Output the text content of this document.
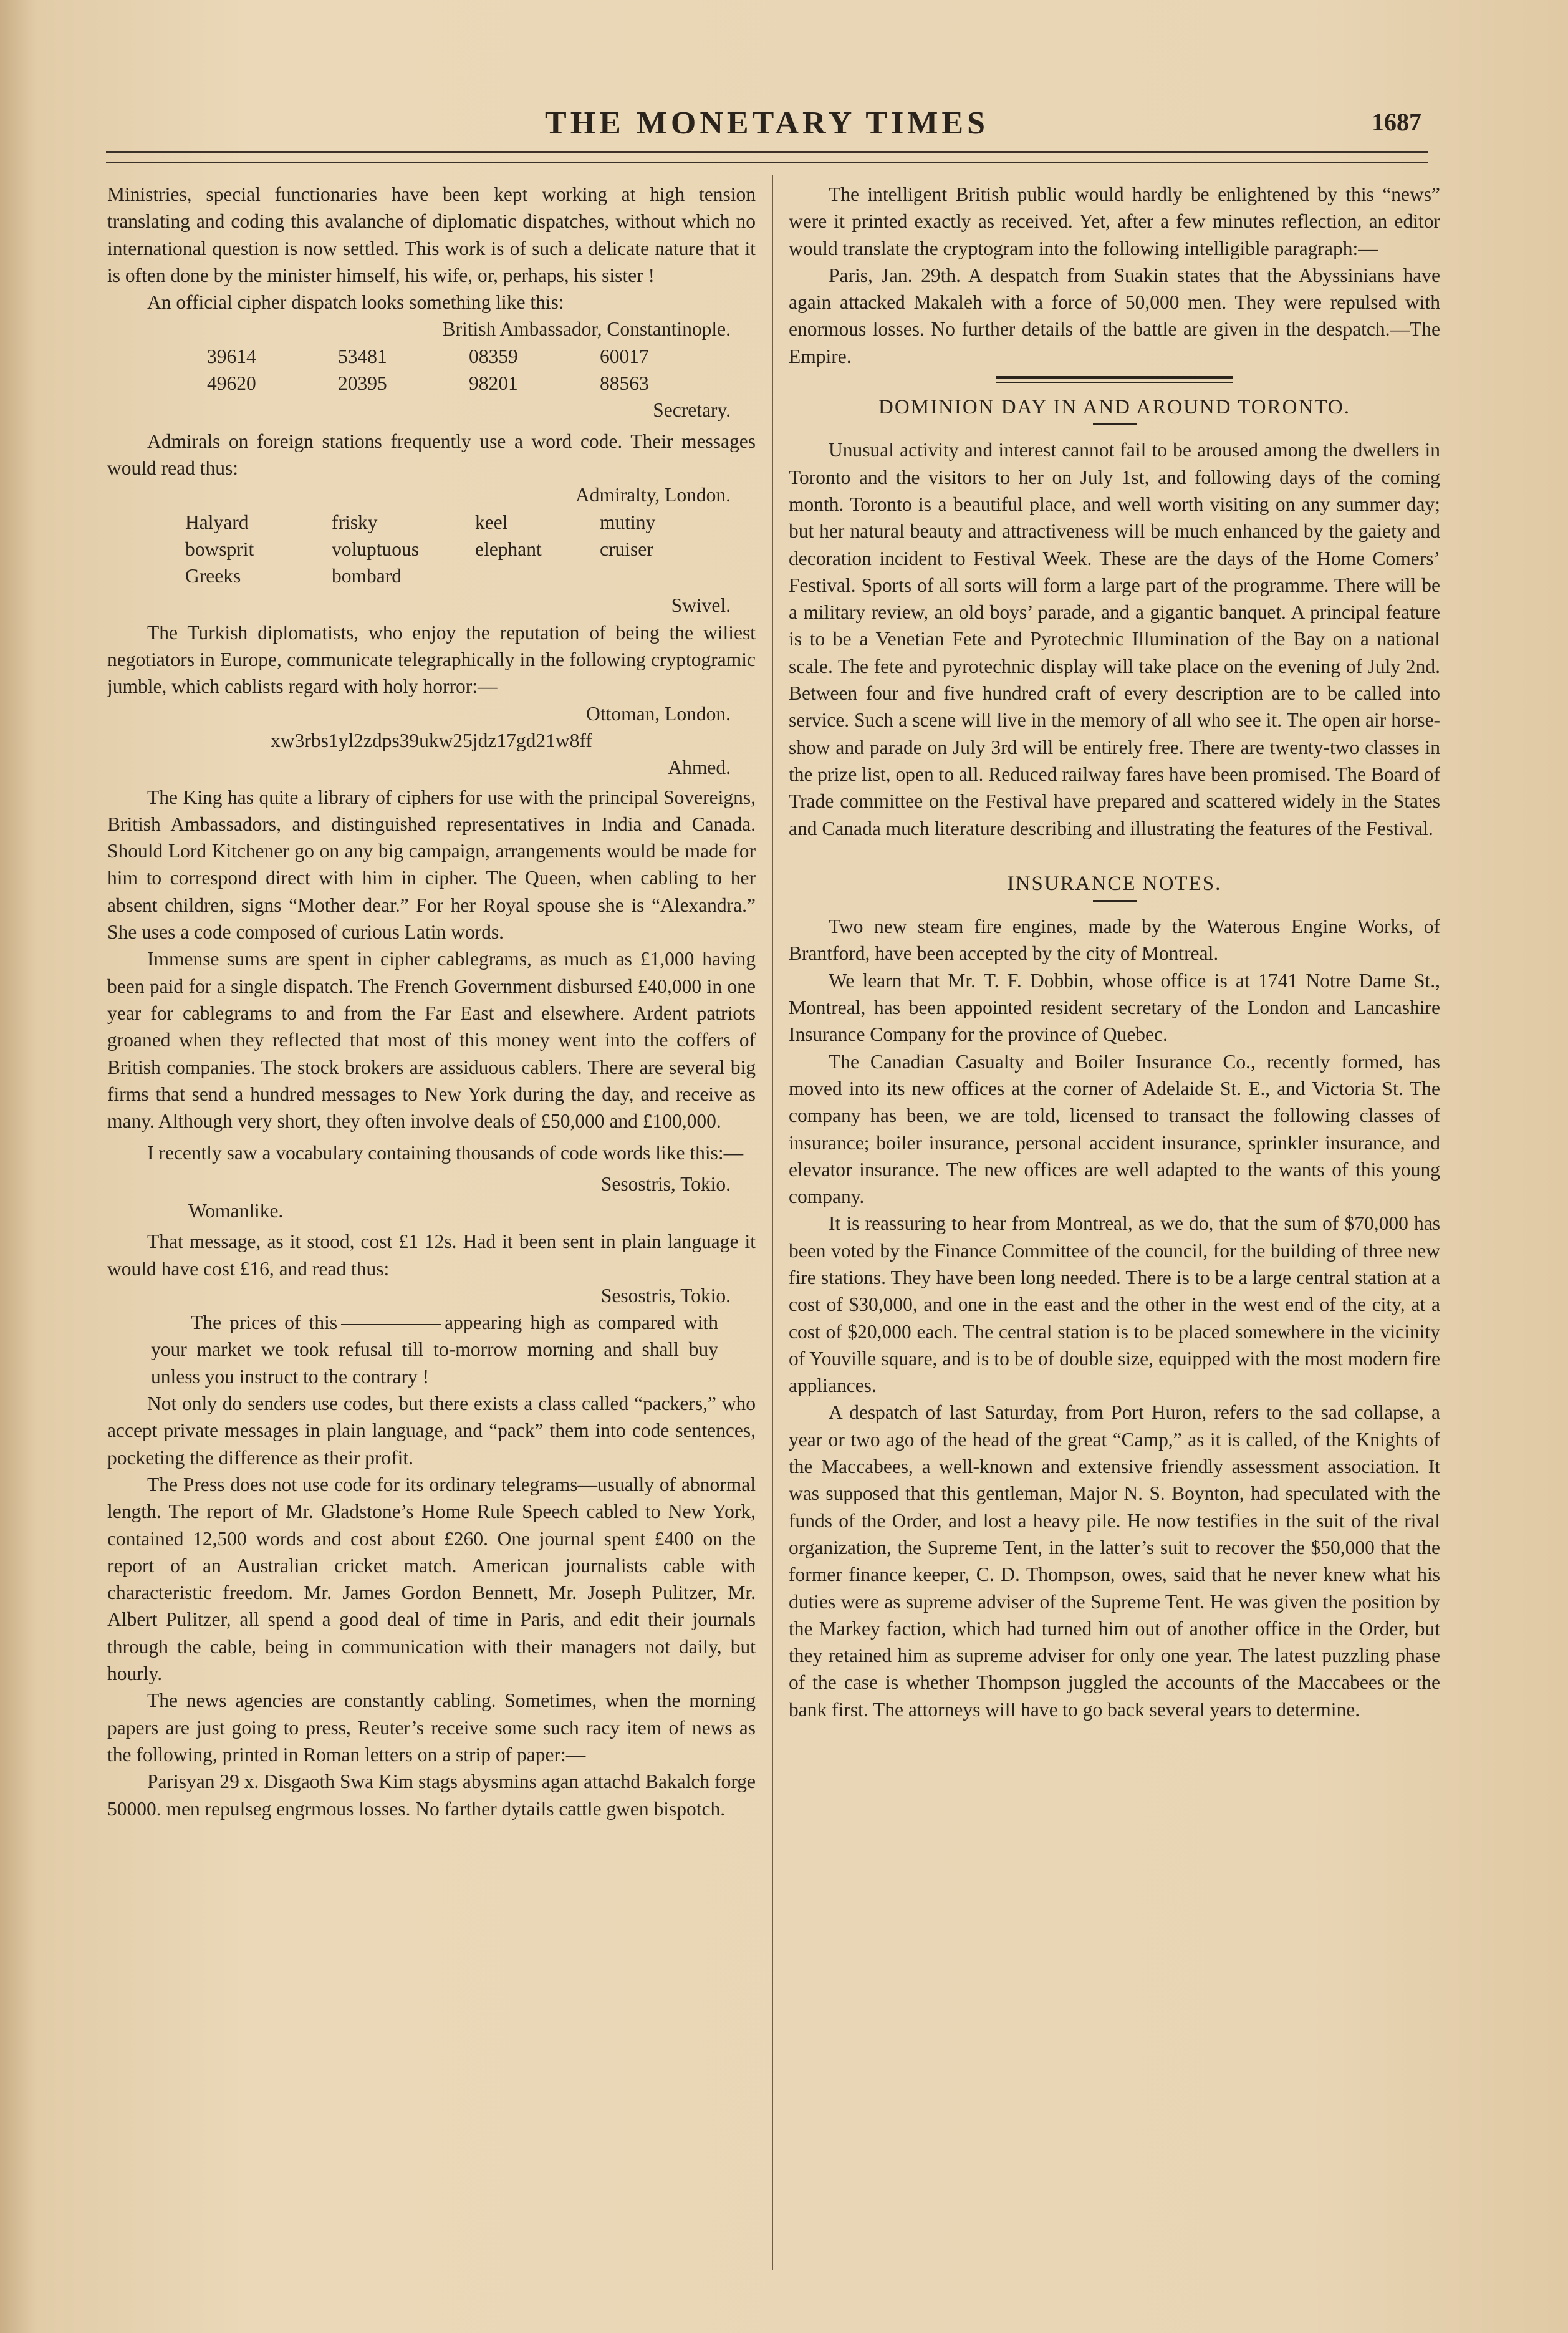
THE MONETARY TIMES	1687

Ministries, special functionaries have been kept working at high tension translating and coding this avalanche of diplomatic dispatches, without which no international question is now settled. This work is of such a delicate nature that it is often done by the minister himself, his wife, or, perhaps, his sister !

An official cipher dispatch looks something like this:

British Ambassador, Constantinople.

39614	53481	08359	60017
49620	20395	98201	88563

Secretary.

Admirals on foreign stations frequently use a word code. Their messages would read thus:

Admiralty, London.

Halyard	frisky	keel	mutiny
bowsprit	voluptuous	elephant	cruiser
Greeks	bombard		

Swivel.

The Turkish diplomatists, who enjoy the reputation of being the wiliest negotiators in Europe, communicate telegraphically in the following cryptogramic jumble, which cablists regard with holy horror:—

Ottoman, London.

xw3rbs1yl2zdps39ukw25jdz17gd21w8ff

Ahmed.

The King has quite a library of ciphers for use with the principal Sovereigns, British Ambassadors, and distinguished representatives in India and Canada. Should Lord Kitchener go on any big campaign, arrangements would be made for him to correspond direct with him in cipher. The Queen, when cabling to her absent children, signs “Mother dear.” For her Royal spouse she is “Alexandra.” She uses a code composed of curious Latin words.

Immense sums are spent in cipher cablegrams, as much as £1,000 having been paid for a single dispatch. The French Government disbursed £40,000 in one year for cablegrams to and from the Far East and elsewhere. Ardent patriots groaned when they reflected that most of this money went into the coffers of British companies. The stock brokers are assiduous cablers. There are several big firms that send a hundred messages to New York during the day, and receive as many. Although very short, they often involve deals of £50,000 and £100,000.

I recently saw a vocabulary containing thousands of code words like this:—

Sesostris, Tokio.

Womanlike.

That message, as it stood, cost £1 12s. Had it been sent in plain language it would have cost £16, and read thus:

Sesostris, Tokio.

The prices of this	appearing high as compared with your market we took refusal till to-morrow morning and shall buy unless you instruct to the contrary !

Not only do senders use codes, but there exists a class called “packers,” who accept private messages in plain language, and “pack” them into code sentences, pocketing the difference as their profit.

The Press does not use code for its ordinary telegrams—usually of abnormal length. The report of Mr. Gladstone’s Home Rule Speech cabled to New York, contained 12,500 words and cost about £260. One journal spent £400 on the report of an Australian cricket match. American journalists cable with characteristic freedom. Mr. James Gordon Bennett, Mr. Joseph Pulitzer, Mr. Albert Pulitzer, all spend a good deal of time in Paris, and edit their journals through the cable, being in communication with their managers not daily, but hourly.

The news agencies are constantly cabling. Sometimes, when the morning papers are just going to press, Reuter’s receive some such racy item of news as the following, printed in Roman letters on a strip of paper:—

Parisyan 29 x. Disgaoth Swa Kim stags abysmins agan attachd Bakalch forge 50000. men repulseg engrmous losses. No farther dytails cattle gwen bispotch.

The intelligent British public would hardly be enlightened by this “news” were it printed exactly as received. Yet, after a few minutes reflection, an editor would translate the cryptogram into the following intelligible paragraph:—

Paris, Jan. 29th. A despatch from Suakin states that the Abyssinians have again attacked Makaleh with a force of 50,000 men. They were repulsed with enormous losses. No further details of the battle are given in the despatch.—The Empire.

DOMINION DAY IN AND AROUND TORONTO.

Unusual activity and interest cannot fail to be aroused among the dwellers in Toronto and the visitors to her on July 1st, and following days of the coming month. Toronto is a beautiful place, and well worth visiting on any summer day; but her natural beauty and attractiveness will be much enhanced by the gaiety and decoration incident to Festival Week. These are the days of the Home Comers’ Festival. Sports of all sorts will form a large part of the programme. There will be a military review, an old boys’ parade, and a gigantic banquet. A principal feature is to be a Venetian Fete and Pyrotechnic Illumination of the Bay on a national scale. The fete and pyrotechnic display will take place on the evening of July 2nd. Between four and five hundred craft of every description are to be called into service. Such a scene will live in the memory of all who see it. The open air horse-show and parade on July 3rd will be entirely free. There are twenty-two classes in the prize list, open to all. Reduced railway fares have been promised. The Board of Trade committee on the Festival have prepared and scattered widely in the States and Canada much literature describing and illustrating the features of the Festival.

INSURANCE NOTES.

Two new steam fire engines, made by the Waterous Engine Works, of Brantford, have been accepted by the city of Montreal.

We learn that Mr. T. F. Dobbin, whose office is at 1741 Notre Dame St., Montreal, has been appointed resident secretary of the London and Lancashire Insurance Company for the province of Quebec.

The Canadian Casualty and Boiler Insurance Co., recently formed, has moved into its new offices at the corner of Adelaide St. E., and Victoria St. The company has been, we are told, licensed to transact the following classes of insurance; boiler insurance, personal accident insurance, sprinkler insurance, and elevator insurance. The new offices are well adapted to the wants of this young company.

It is reassuring to hear from Montreal, as we do, that the sum of $70,000 has been voted by the Finance Committee of the council, for the building of three new fire stations. They have been long needed. There is to be a large central station at a cost of $30,000, and one in the east and the other in the west end of the city, at a cost of $20,000 each. The central station is to be placed somewhere in the vicinity of Youville square, and is to be of double size, equipped with the most modern fire appliances.

A despatch of last Saturday, from Port Huron, refers to the sad collapse, a year or two ago of the head of the great “Camp,” as it is called, of the Knights of the Maccabees, a well-known and extensive friendly assessment association. It was supposed that this gentleman, Major N. S. Boynton, had speculated with the funds of the Order, and lost a heavy pile. He now testifies in the suit of the rival organization, the Supreme Tent, in the latter’s suit to recover the $50,000 that the former finance keeper, C. D. Thompson, owes, said that he never knew what his duties were as supreme adviser of the Supreme Tent. He was given the position by the Markey faction, which had turned him out of another office in the Order, but they retained him as supreme adviser for only one year. The latest puzzling phase of the case is whether Thompson juggled the accounts of the Maccabees or the bank first. The attorneys will have to go back several years to determine.
